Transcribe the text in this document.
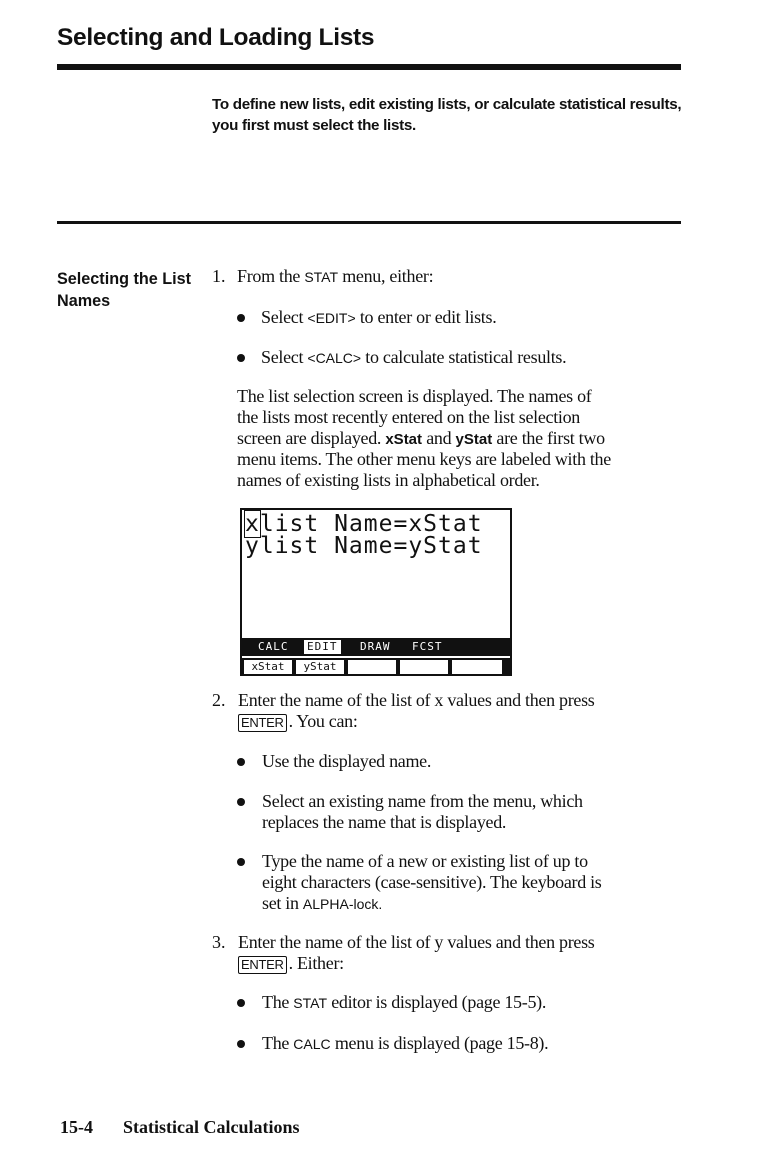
Selecting and Loading Lists

To define new lists, edit existing lists, or calculate statistical results, you first must select the lists.

Selecting the List Names

1. From the STAT menu, either:
Select <EDIT> to enter or edit lists.
Select <CALC> to calculate statistical results.
The list selection screen is displayed. The names of
the lists most recently entered on the list selection
screen are displayed. xStat and yStat are the first two
menu items. The other menu keys are labeled with the
names of existing lists in alphabetical order.
xlist Name=xStat
ylist Name=yStat
CALC EDIT DRAW FCST
xStat	yStat
2. Enter the name of the list of x values and then press
ENTER . You can:
Use the displayed name.
Select an existing name from the menu, which
replaces the name that is displayed.
Type the name of a new or existing list of up to
eight characters (case-sensitive). The keyboard is
set in ALPHA-lock.
3. Enter the name of the list of y values and then press
ENTER . Either:
The STAT editor is displayed (page 15-5).
The CALC menu is displayed (page 15-8).
15-4 Statistical Calculations
